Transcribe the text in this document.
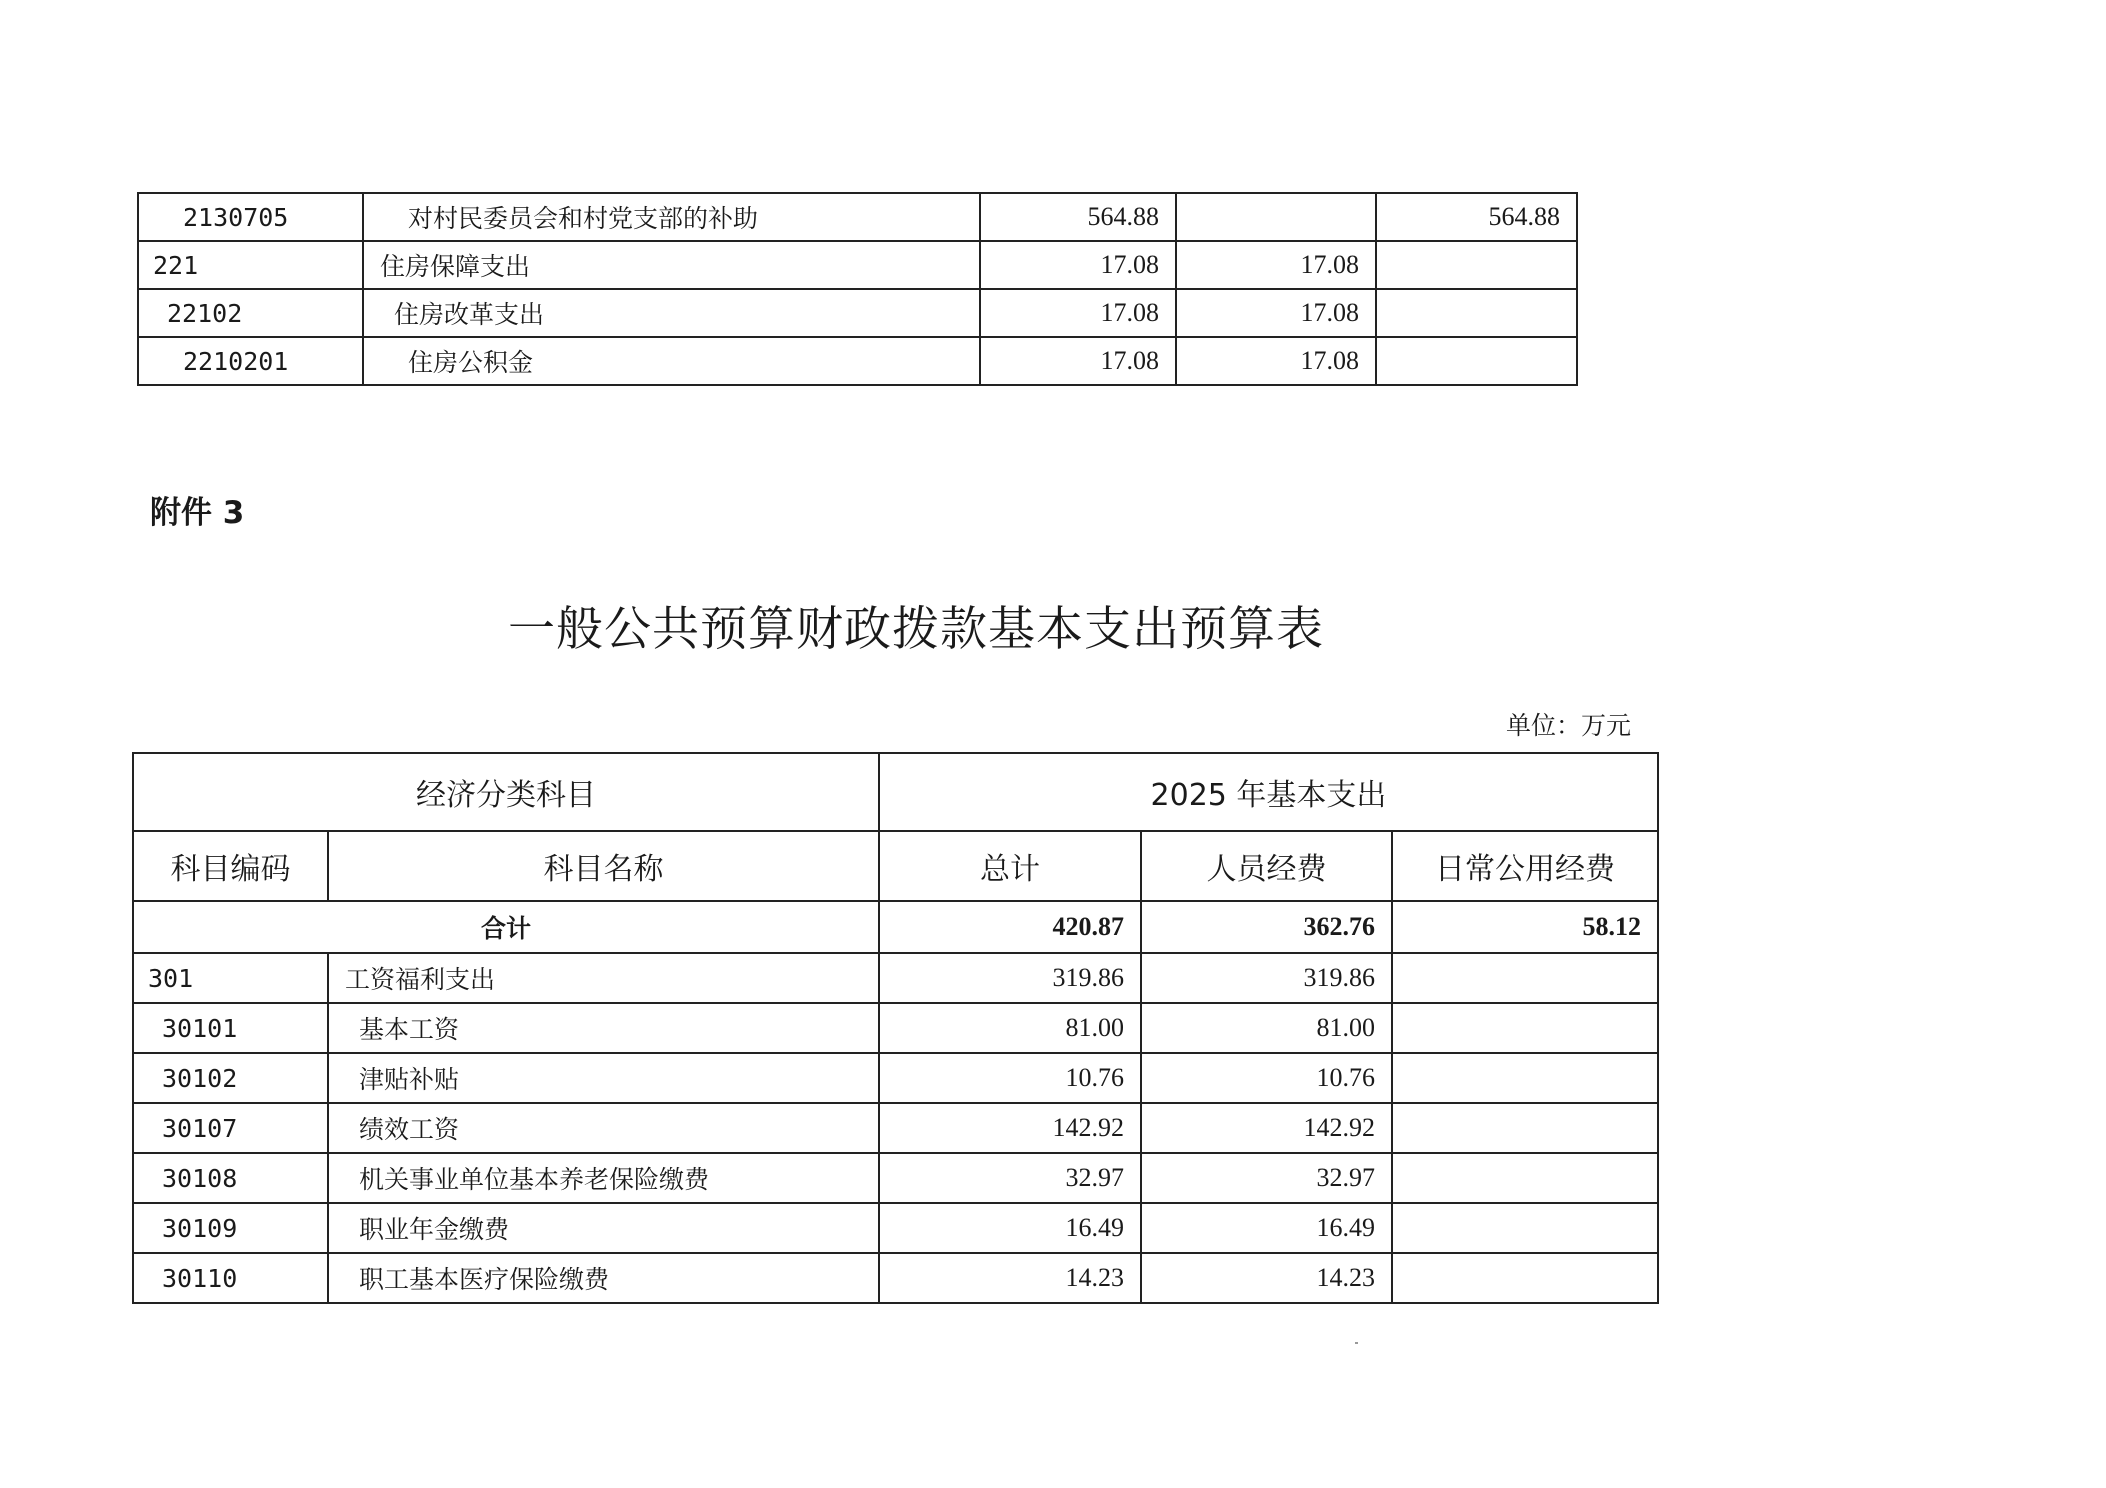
2130705	对村民委员会和村党支部的补助	564.88		564.88
221	住房保障支出	17.08	17.08	
22102	住房改革支出	17.08	17.08	
2210201	住房公积金	17.08	17.08	
附件 3
一般公共预算财政拨款基本支出预算表
单位：万元
经济分类科目		2025 年基本支出		
科目编码	科目名称	总计	人员经费	日常公用经费
合计		420.87	362.76	58.12
301	工资福利支出	319.86	319.86	
30101	基本工资	81.00	81.00	
30102	津贴补贴	10.76	10.76	
30107	绩效工资	142.92	142.92	
30108	机关事业单位基本养老保险缴费	32.97	32.97	
30109	职业年金缴费	16.49	16.49	
30110	职工基本医疗保险缴费	14.23	14.23	
